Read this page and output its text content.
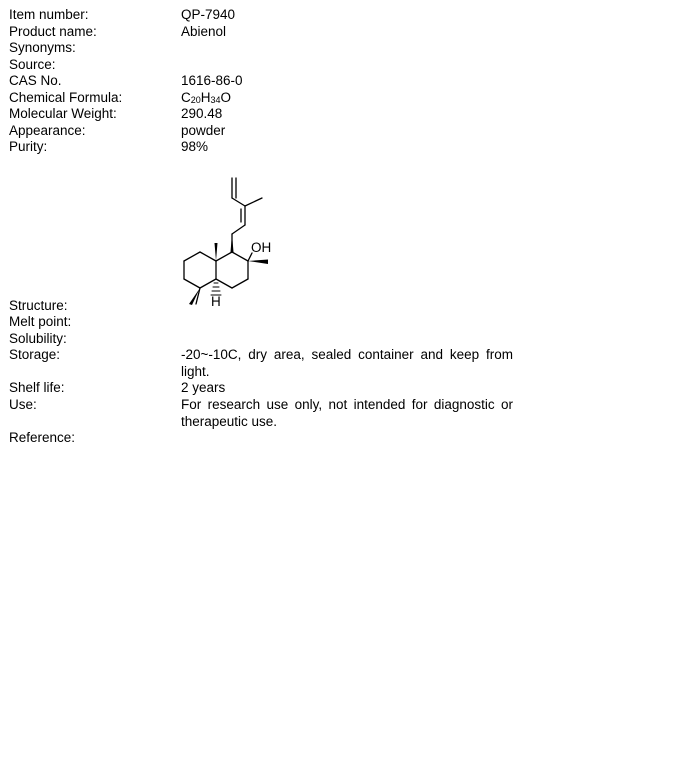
Item number:	QP-7940
Product name:	Abienol
Synonyms:
Source:
CAS No.	1616-86-0
Chemical Formula:	$C_{20}H_{34}O$
Molecular Weight:	290.48
Appearance:	powder
Purity:	98%
OH
H
Structure:
Melt point:
Solubility:
Storage:	-20~-10C, dry area, sealed container and keep from light.
Shelf life:	2 years
Use:	For research use only, not intended for diagnostic or therapeutic use.
Reference:
